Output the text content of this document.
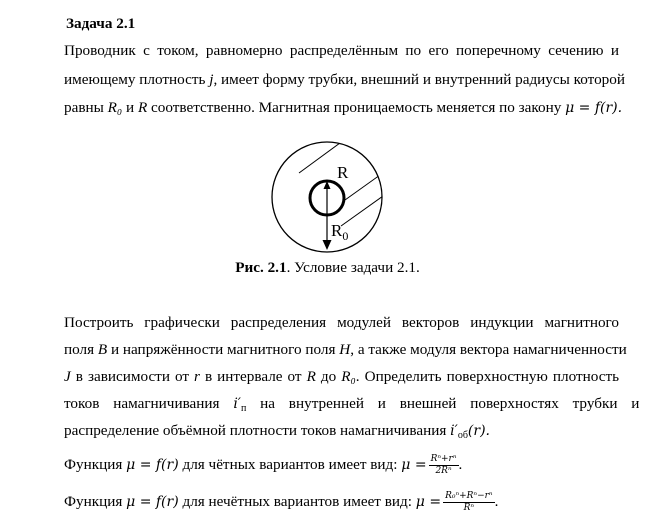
Задача 2.1
Проводник с током, равномерно распределённым по его поперечному сечению и
имеющему плотность j, имеет форму трубки, внешний и внутренний радиусы которой
равны R₀ и R соответственно. Магнитная проницаемость меняется по закону μ = f(r).
R
$R_0$
Рис. 2.1. Условие задачи 2.1.
Построить графически распределения модулей векторов индукции магнитного
поля B и напряжённости магнитного поля H, а также модуля вектора намагниченности
J в зависимости от r в интервале от R до R₀. Определить поверхностную плотность
токов намагничивания $i'_п$ на внутренней и внешней поверхностях трубки и
распределение объёмной плотности токов намагничивания $i'_{об}(r)$.
Функция μ = f(r) для чётных вариантов имеет вид: $\mu = \frac{\text{Rⁿ+rⁿ}}{\text{2Rⁿ}}$ .
Функция μ = f(r) для нечётных вариантов имеет вид: $\mu = \frac{\text{R₀ⁿ+Rⁿ−rⁿ}}{\text{Rⁿ}}$ .
